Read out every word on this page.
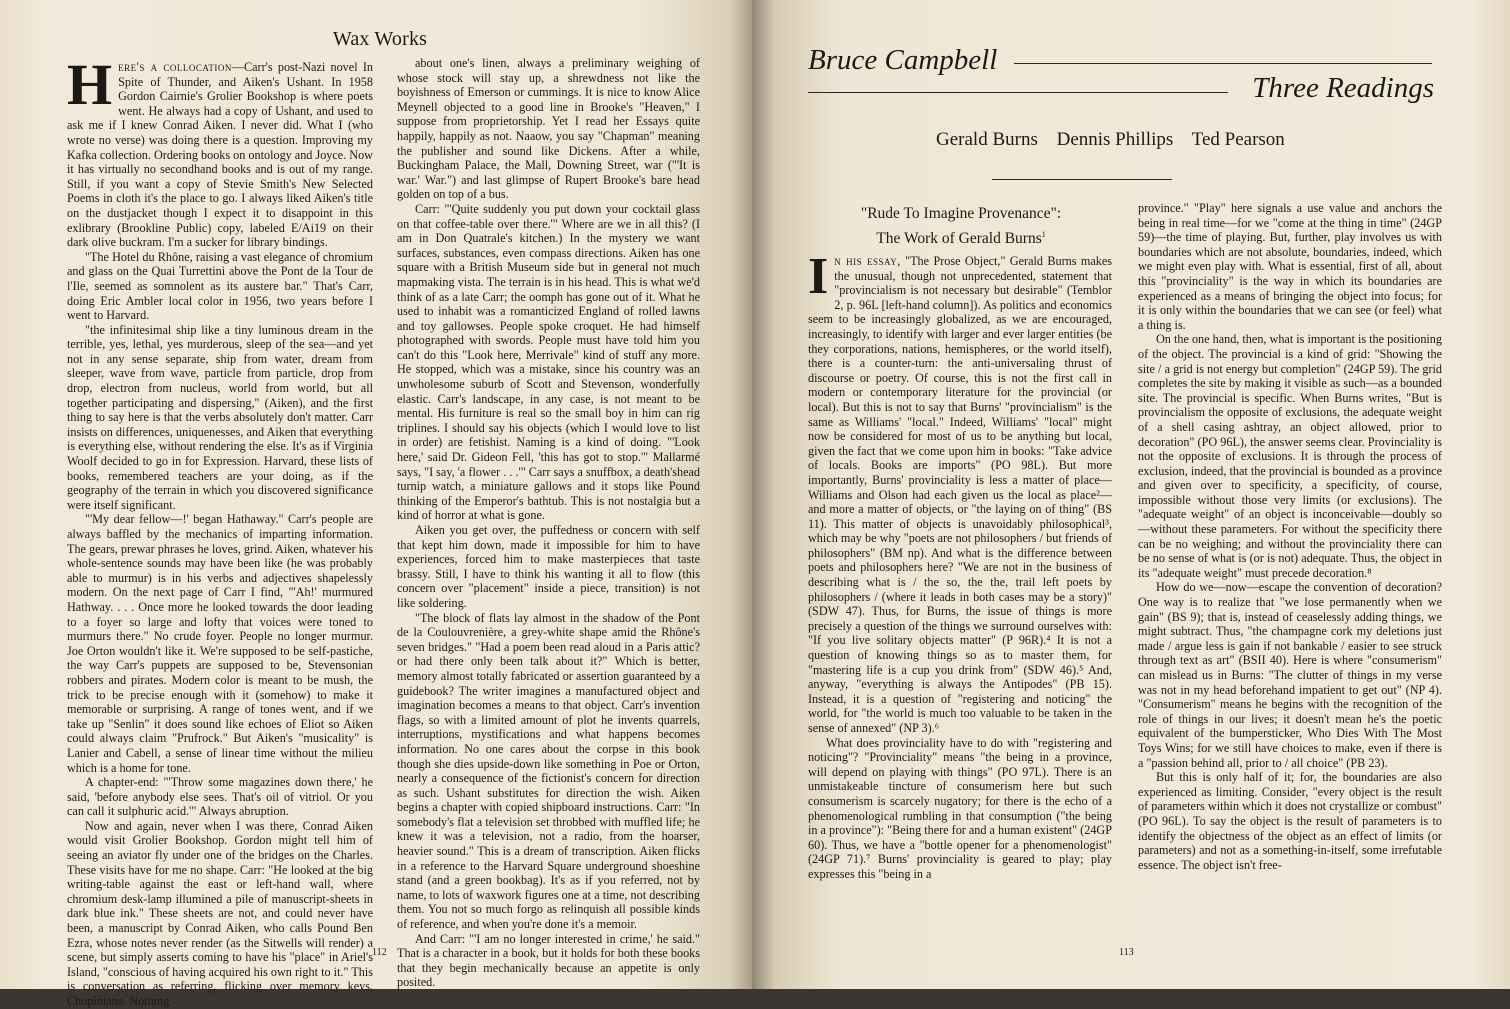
Wax Works

Here's a collocation—Carr's post-Nazi novel In Spite of Thunder, and Aiken's Ushant. In 1958 Gordon Cairnie's Grolier Bookshop is where poets went. He always had a copy of Ushant, and used to ask me if I knew Conrad Aiken. I never did. What I (who wrote no verse) was doing there is a question. Improving my Kafka collection. Ordering books on ontology and Joyce. Now it has virtually no secondhand books and is out of my range. Still, if you want a copy of Stevie Smith's New Selected Poems in cloth it's the place to go. I always liked Aiken's title on the dustjacket though I expect it to disappoint in this exlibrary (Brookline Public) copy, labeled E/Ai19 on their dark olive buckram. I'm a sucker for library bindings.

"The Hotel du Rhône, raising a vast elegance of chromium and glass on the Quai Turrettini above the Pont de la Tour de l'Ile, seemed as somnolent as its austere bar." That's Carr, doing Eric Ambler local color in 1956, two years before I went to Harvard.

"the infinitesimal ship like a tiny luminous dream in the terrible, yes, lethal, yes murderous, sleep of the sea—and yet not in any sense separate, ship from water, dream from sleeper, wave from wave, particle from particle, drop from drop, electron from nucleus, world from world, but all together participating and dispersing," (Aiken), and the first thing to say here is that the verbs absolutely don't matter. Carr insists on differences, uniquenesses, and Aiken that everything is everything else, without rendering the else. It's as if Virginia Woolf decided to go in for Expression. Harvard, these lists of books, remembered teachers are your doing, as if the geography of the terrain in which you discovered significance were itself significant.

"'My dear fellow—!' began Hathaway." Carr's people are always baffled by the mechanics of imparting information. The gears, prewar phrases he loves, grind. Aiken, whatever his whole-sentence sounds may have been like (he was probably able to murmur) is in his verbs and adjectives shapelessly modern. On the next page of Carr I find, "'Ah!' murmured Hathway. . . . Once more he looked towards the door leading to a foyer so large and lofty that voices were toned to murmurs there." No crude foyer. People no longer murmur. Joe Orton wouldn't like it. We're supposed to be self-pastiche, the way Carr's puppets are supposed to be, Stevensonian robbers and pirates. Modern color is meant to be mush, the trick to be precise enough with it (somehow) to make it memorable or surprising. A range of tones went, and if we take up "Senlin" it does sound like echoes of Eliot so Aiken could always claim "Prufrock." But Aiken's "musicality" is Lanier and Cabell, a sense of linear time without the milieu which is a home for tone.

A chapter-end: "'Throw some magazines down there,' he said, 'before anybody else sees. That's oil of vitriol. Or you can call it sulphuric acid.'" Always abruption.

Now and again, never when I was there, Conrad Aiken would visit Grolier Bookshop. Gordon might tell him of seeing an aviator fly under one of the bridges on the Charles. These visits have for me no shape. Carr: "He looked at the big writing-table against the east or left-hand wall, where chromium desk-lamp illumined a pile of manuscript-sheets in dark blue ink." These sheets are not, and could never have been, a manuscript by Conrad Aiken, who calls Pound Ben Ezra, whose notes never render (as the Sitwells will render) a scene, but simply asserts coming to have his "place" in Ariel's Island, "conscious of having acquired his own right to it." This is conversation as referring, flicking over memory keys, Chopiniana. Nothing

about one's linen, always a preliminary weighing of whose stock will stay up, a shrewdness not like the boyishness of Emerson or cummings. It is nice to know Alice Meynell objected to a good line in Brooke's "Heaven," I suppose from proprietorship. Yet I read her Essays quite happily, happily as not. Naaow, you say "Chapman" meaning the publisher and sound like Dickens. After a while, Buckingham Palace, the Mall, Downing Street, war ("'It is war.' War.") and last glimpse of Rupert Brooke's bare head golden on top of a bus.

Carr: "'Quite suddenly you put down your cocktail glass on that coffee-table over there.'" Where are we in all this? (I am in Don Quatrale's kitchen.) In the mystery we want surfaces, substances, even compass directions. Aiken has one square with a British Museum side but in general not much mapmaking vista. The terrain is in his head. This is what we'd think of as a late Carr; the oomph has gone out of it. What he used to inhabit was a romanticized England of rolled lawns and toy gallowses. People spoke croquet. He had himself photographed with swords. People must have told him you can't do this "Look here, Merrivale" kind of stuff any more. He stopped, which was a mistake, since his country was an unwholesome suburb of Scott and Stevenson, wonderfully elastic. Carr's landscape, in any case, is not meant to be mental. His furniture is real so the small boy in him can rig triplines. I should say his objects (which I would love to list in order) are fetishist. Naming is a kind of doing. "'Look here,' said Dr. Gideon Fell, 'this has got to stop.'" Mallarmé says, "I say, 'a flower . . .'" Carr says a snuffbox, a death'shead turnip watch, a miniature gallows and it stops like Pound thinking of the Emperor's bathtub. This is not nostalgia but a kind of horror at what is gone.

Aiken you get over, the puffedness or concern with self that kept him down, made it impossible for him to have experiences, forced him to make masterpieces that taste brassy. Still, I have to think his wanting it all to flow (this concern over "placement" inside a piece, transition) is not like soldering.

"The block of flats lay almost in the shadow of the Pont de la Coulouvrenière, a grey-white shape amid the Rhône's seven bridges." "Had a poem been read aloud in a Paris attic? or had there only been talk about it?" Which is better, memory almost totally fabricated or assertion guaranteed by a guidebook? The writer imagines a manufactured object and imagination becomes a means to that object. Carr's invention flags, so with a limited amount of plot he invents quarrels, interruptions, mystifications and what happens becomes information. No one cares about the corpse in this book though she dies upside-down like something in Poe or Orton, nearly a consequence of the fictionist's concern for direction as such. Ushant substitutes for direction the wish. Aiken begins a chapter with copied shipboard instructions. Carr: "In somebody's flat a television set throbbed with muffled life; he knew it was a television, not a radio, from the hoarser, heavier sound." This is a dream of transcription. Aiken flicks in a reference to the Harvard Square underground shoeshine stand (and a green bookbag). It's as if you referred, not by name, to lots of waxwork figures one at a time, not describing them. You not so much forgo as relinquish all possible kinds of reference, and when you're done it's a memoir.

And Carr: "'I am no longer interested in crime,' he said." That is a character in a book, but it holds for both these books that they begin mechanically because an appetite is only posited.

112
Bruce Campbell
Three Readings
Gerald Burns Dennis Phillips Ted Pearson
"Rude To Imagine Provenance":
The Work of Gerald Burns$^1$

In his essay, "The Prose Object," Gerald Burns makes the unusual, though not unprecedented, statement that "provincialism is not necessary but desirable" (Temblor 2, p. 96L [left-hand column]). As politics and economics seem to be increasingly globalized, as we are encouraged, increasingly, to identify with larger and ever larger entities (be they corporations, nations, hemispheres, or the world itself), there is a counter-turn: the anti-universaling thrust of discourse or poetry. Of course, this is not the first call in modern or contemporary literature for the provincial (or local). But this is not to say that Burns' "provincialism" is the same as Williams' "local." Indeed, Williams' "local" might now be considered for most of us to be anything but local, given the fact that we come upon him in books: "Take advice of locals. Books are imports" (PO 98L). But more importantly, Burns' provinciality is less a matter of place—Williams and Olson had each given us the local as place²—and more a matter of objects, or "the laying on of thing" (BS 11). This matter of objects is unavoidably philosophical³, which may be why "poets are not philosophers / but friends of philosophers" (BM np). And what is the difference between poets and philosophers here? "We are not in the business of describing what is / the so, the the, trail left poets by philosophers / (where it leads in both cases may be a story)" (SDW 47). Thus, for Burns, the issue of things is more precisely a question of the things we surround ourselves with: "If you live solitary objects matter" (P 96R).⁴ It is not a question of knowing things so as to master them, for "mastering life is a cup you drink from" (SDW 46).⁵ And, anyway, "everything is always the Antipodes" (PB 15). Instead, it is a question of "registering and noticing" the world, for "the world is much too valuable to be taken in the sense of annexed" (NP 3).⁶

What does provinciality have to do with "registering and noticing"? "Provinciality" means "the being in a province, will depend on playing with things" (PO 97L). There is an unmistakeable tincture of consumerism here but such consumerism is scarcely nugatory; for there is the echo of a phenomenological rumbling in that consumption ("the being in a province"): "Being there for and a human existent" (24GP 60). Thus, we have a "bottle opener for a phenomenologist" (24GP 71).⁷ Burns' provinciality is geared to play; play expresses this "being in a

province." "Play" here signals a use value and anchors the being in real time—for we "come at the thing in time" (24GP 59)—the time of playing. But, further, play involves us with boundaries which are not absolute, boundaries, indeed, which we might even play with. What is essential, first of all, about this "provinciality" is the way in which its boundaries are experienced as a means of bringing the object into focus; for it is only within the boundaries that we can see (or feel) what a thing is.

On the one hand, then, what is important is the positioning of the object. The provincial is a kind of grid: "Showing the site / a grid is not energy but completion" (24GP 59). The grid completes the site by making it visible as such—as a bounded site. The provincial is specific. When Burns writes, "But is provincialism the opposite of exclusions, the adequate weight of a shell casing ashtray, an object allowed, prior to decoration" (PO 96L), the answer seems clear. Provinciality is not the opposite of exclusions. It is through the process of exclusion, indeed, that the provincial is bounded as a province and given over to specificity, a specificity, of course, impossible without those very limits (or exclusions). The "adequate weight" of an object is inconceivable—doubly so—without these parameters. For without the specificity there can be no weighing; and without the provinciality there can be no sense of what is (or is not) adequate. Thus, the object in its "adequate weight" must precede decoration.⁸

How do we—now—escape the convention of decoration? One way is to realize that "we lose permanently when we gain" (BS 9); that is, instead of ceaselessly adding things, we might subtract. Thus, "the champagne cork my deletions just made / argue less is gain if not bankable / easier to see struck through text as art" (BSII 40). Here is where "consumerism" can mislead us in Burns: "The clutter of things in my verse was not in my head beforehand impatient to get out" (NP 4). "Consumerism" means he begins with the recognition of the role of things in our lives; it doesn't mean he's the poetic equivalent of the bumpersticker, Who Dies With The Most Toys Wins; for we still have choices to make, even if there is a "passion behind all, prior to / all choice" (PB 23).

But this is only half of it; for, the boundaries are also experienced as limiting. Consider, "every object is the result of parameters within which it does not crystallize or combust" (PO 96L). To say the object is the result of parameters is to identify the objectness of the object as an effect of limits (or parameters) and not as a something-in-itself, some irrefutable essence. The object isn't free-

113
